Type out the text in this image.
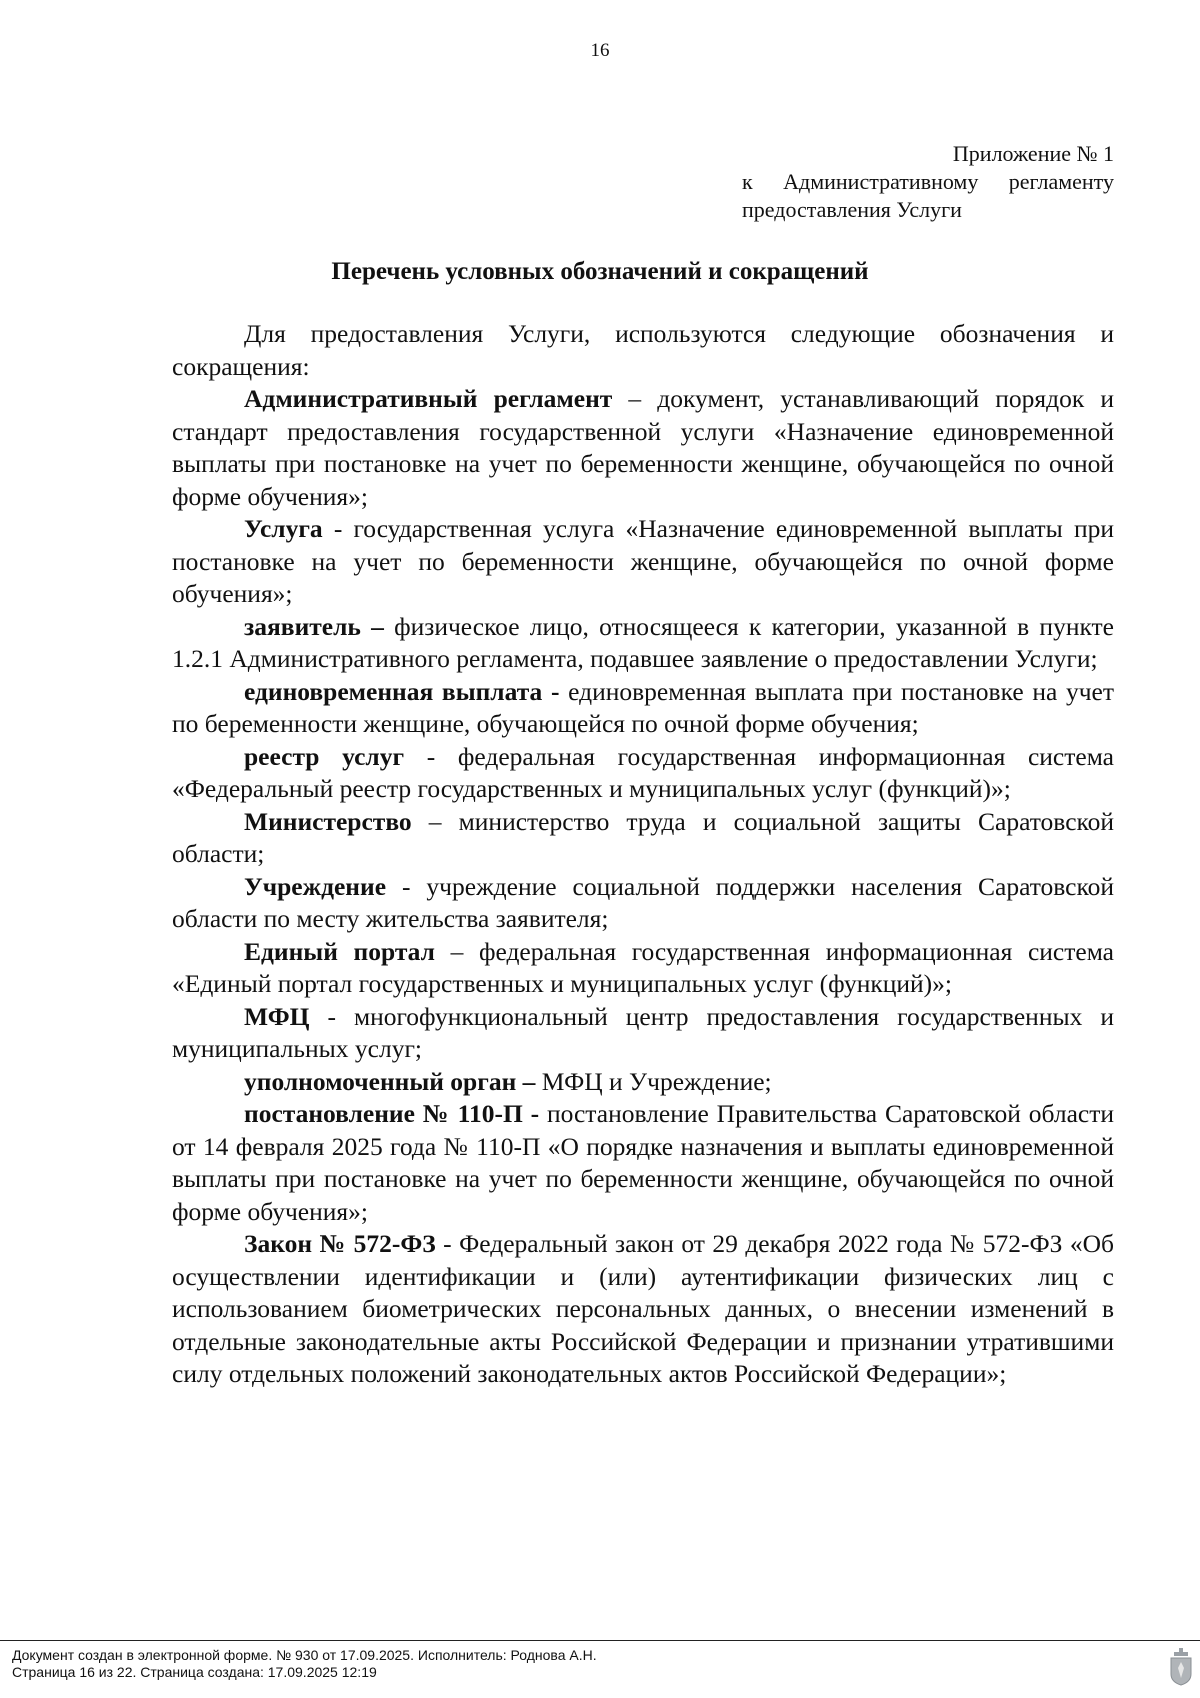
16
Приложение № 1
к Административному регламенту
предоставления Услуги
Перечень условных обозначений и сокращений

Для предоставления Услуги, используются следующие обозначения и сокращения:

Административный регламент – документ, устанавливающий порядок и стандарт предоставления государственной услуги «Назначение единовременной выплаты при постановке на учет по беременности женщине, обучающейся по очной форме обучения»;

Услуга - государственная услуга «Назначение единовременной выплаты при постановке на учет по беременности женщине, обучающейся по очной форме обучения»;

заявитель – физическое лицо, относящееся к категории, указанной в пункте 1.2.1 Административного регламента, подавшее заявление о предоставлении Услуги;

единовременная выплата - единовременная выплата при постановке на учет по беременности женщине, обучающейся по очной форме обучения;

реестр услуг - федеральная государственная информационная система «Федеральный реестр государственных и муниципальных услуг (функций)»;

Министерство – министерство труда и социальной защиты Саратовской области;

Учреждение - учреждение социальной поддержки населения Саратовской области по месту жительства заявителя;

Единый портал – федеральная государственная информационная система «Единый портал государственных и муниципальных услуг (функций)»;

МФЦ - многофункциональный центр предоставления государственных и муниципальных услуг;

уполномоченный орган – МФЦ и Учреждение;

постановление № 110-П - постановление Правительства Саратовской области от 14 февраля 2025 года № 110-П «О порядке назначения и выплаты единовременной выплаты при постановке на учет по беременности женщине, обучающейся по очной форме обучения»;

Закон № 572-ФЗ - Федеральный закон от 29 декабря 2022 года № 572-ФЗ «Об осуществлении идентификации и (или) аутентификации физических лиц с использованием биометрических персональных данных, о внесении изменений в отдельные законодательные акты Российской Федерации и признании утратившими силу отдельных положений законодательных актов Российской Федерации»;

Документ создан в электронной форме. № 930 от 17.09.2025. Исполнитель: Роднова А.Н.
Страница 16 из 22. Страница создана: 17.09.2025 12:19
